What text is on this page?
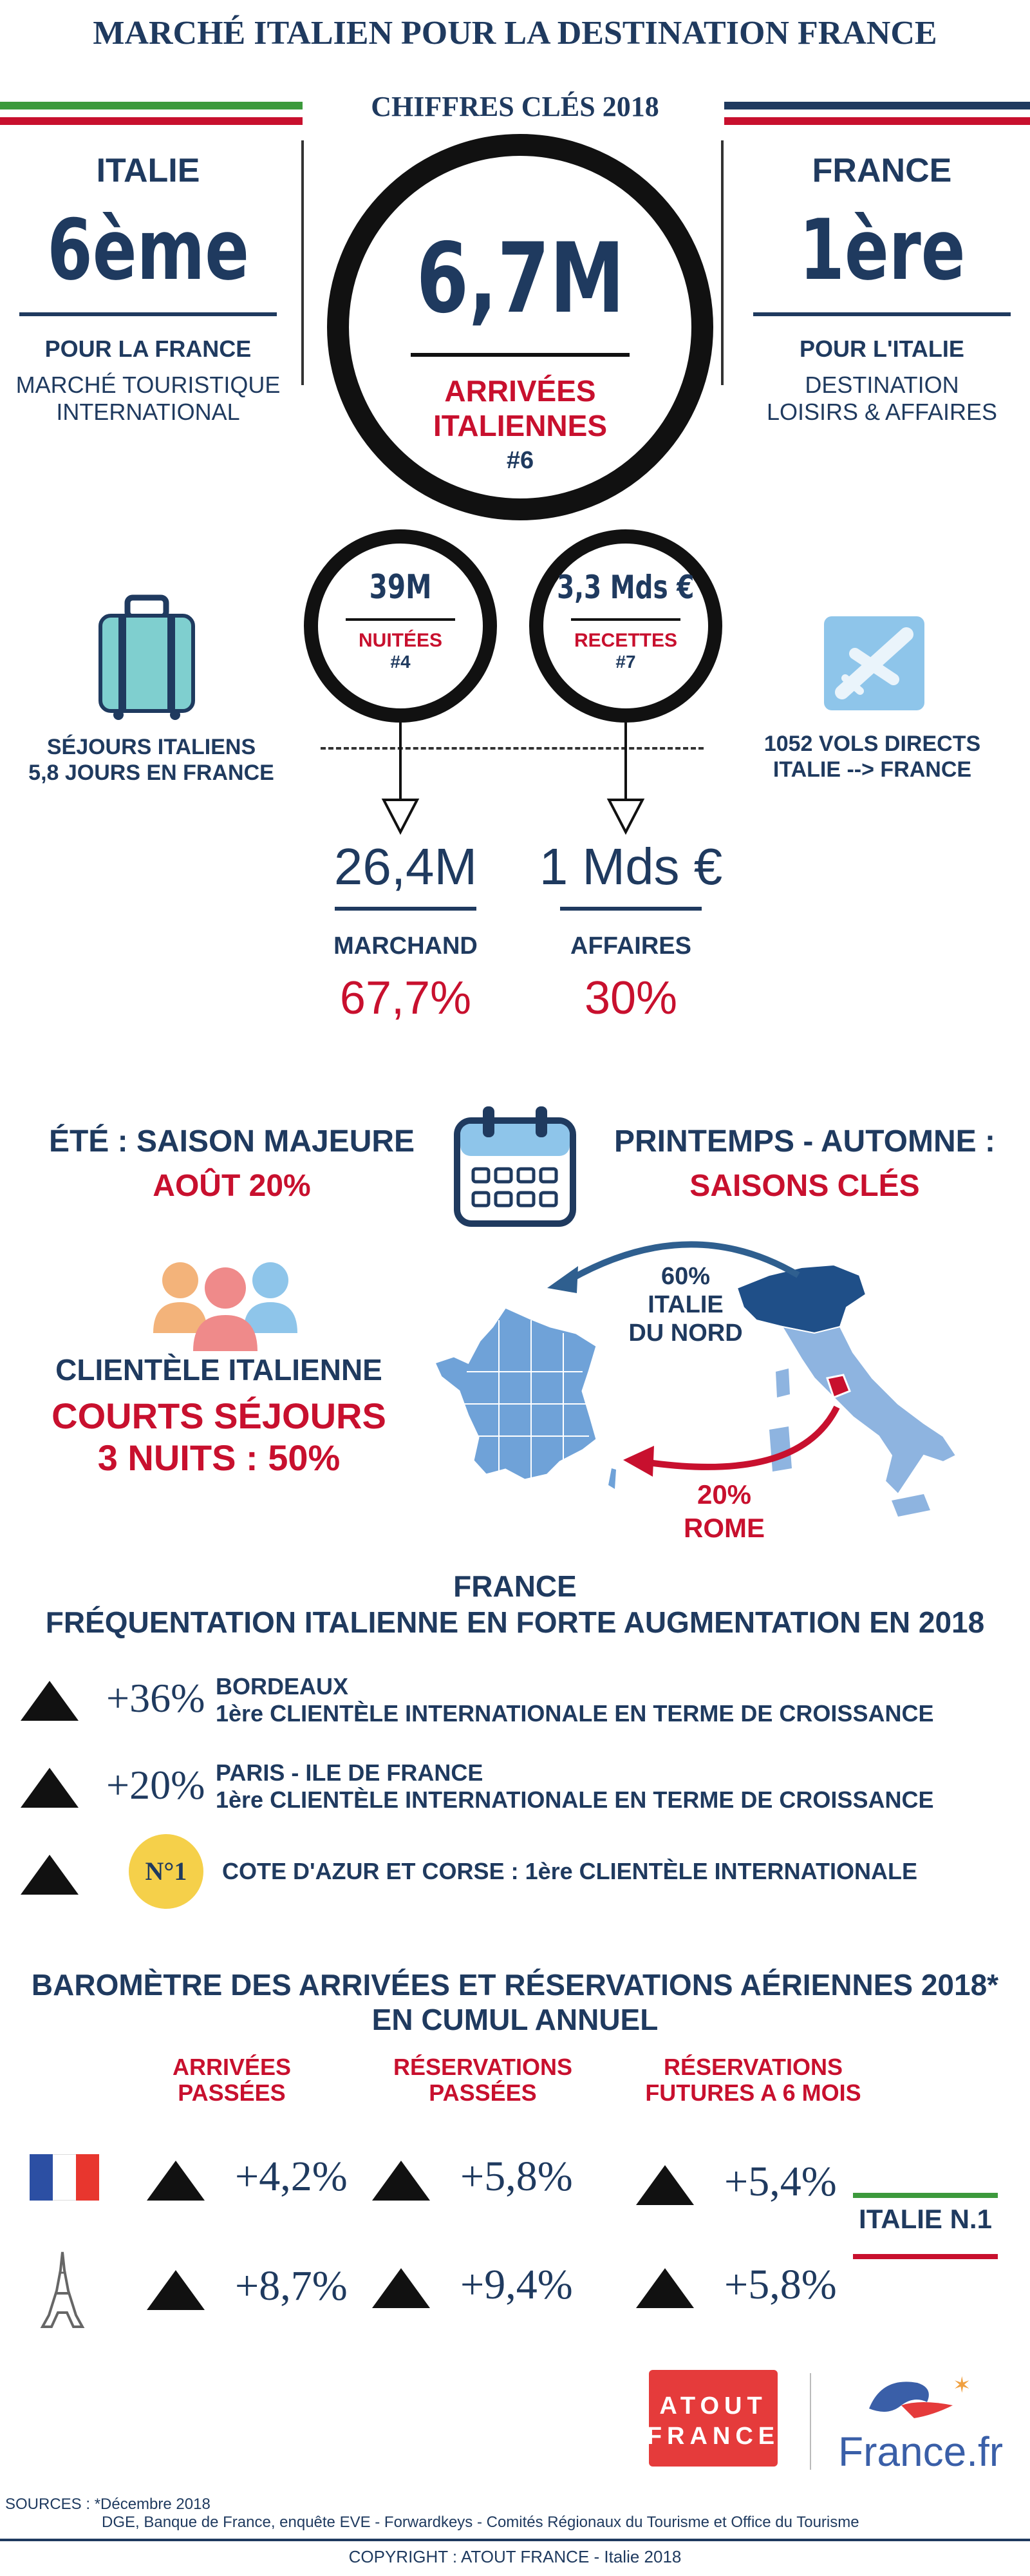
MARCHÉ ITALIEN POUR LA DESTINATION FRANCE
CHIFFRES CLÉS 2018
ITALIE
6ème
POUR LA FRANCE
MARCHÉ TOURISTIQUE
INTERNATIONAL
6,7M
ARRIVÉES
ITALIENNES
#6
FRANCE
1ère
POUR L'ITALIE
DESTINATION
LOISIRS & AFFAIRES
SÉJOURS ITALIENS
5,8 JOURS EN FRANCE
39M
NUITÉES
#4
3,3 Mds €
RECETTES
#7
1052 VOLS DIRECTS
ITALIE --> FRANCE
26,4M
MARCHAND
67,7%
1 Mds €
AFFAIRES
30%
ÉTÉ : SAISON MAJEURE
AOÛT 20%
PRINTEMPS - AUTOMNE :
SAISONS CLÉS
CLIENTÈLE ITALIENNE
COURTS SÉJOURS
3 NUITS : 50%
60%
ITALIE
DU NORD
20%
ROME
FRANCE
FRÉQUENTATION ITALIENNE EN FORTE AUGMENTATION EN 2018
+36% BORDEAUX
1ère CLIENTÈLE INTERNATIONALE EN TERME DE CROISSANCE
+20% PARIS - ILE DE FRANCE
1ère CLIENTÈLE INTERNATIONALE EN TERME DE CROISSANCE
N°1	COTE D'AZUR ET CORSE : 1ère CLIENTÈLE INTERNATIONALE
BAROMÈTRE DES ARRIVÉES ET RÉSERVATIONS AÉRIENNES 2018*
EN CUMUL ANNUEL
ARRIVÉES
PASSÉES
RÉSERVATIONS
PASSÉES
RÉSERVATIONS
FUTURES A 6 MOIS
+4,2%	+5,8%	+5,4%
ITALIE N.1
+8,7%	+9,4%	+5,8%
ATOUT
FRANCE
✶
France.fr
SOURCES : *Décembre 2018
DGE, Banque de France, enquête EVE - Forwardkeys - Comités Régionaux du Tourisme et Office du Tourisme
COPYRIGHT : ATOUT FRANCE - Italie 2018
